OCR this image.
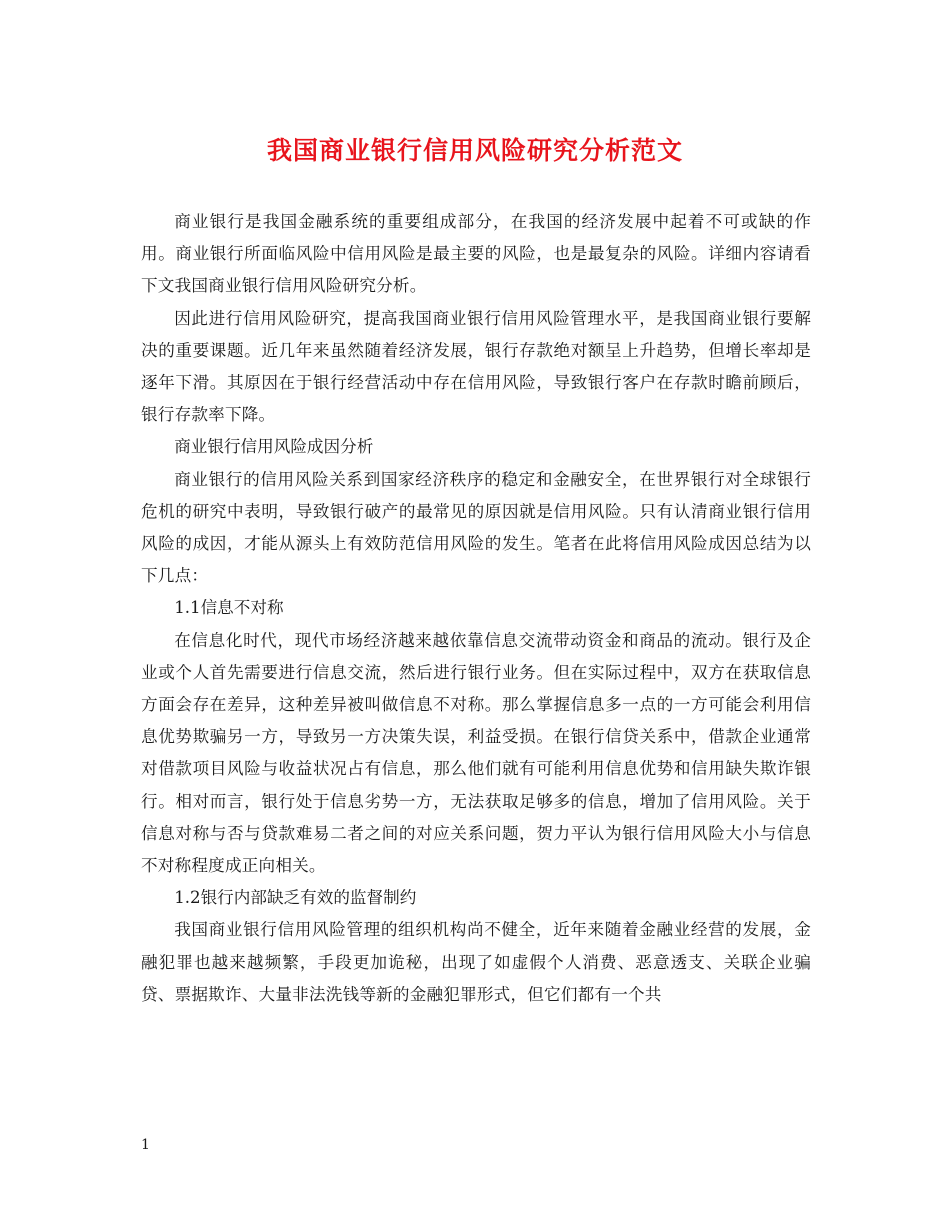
我国商业银行信用风险研究分析范文

商业银行是我国金融系统的重要组成部分，在我国的经济发展中起着不可或缺的作用。商业银行所面临风险中信用风险是最主要的风险，也是最复杂的风险。详细内容请看下文我国商业银行信用风险研究分析。

因此进行信用风险研究，提高我国商业银行信用风险管理水平，是我国商业银行要解决的重要课题。近几年来虽然随着经济发展，银行存款绝对额呈上升趋势，但增长率却是逐年下滑。其原因在于银行经营活动中存在信用风险，导致银行客户在存款时瞻前顾后，银行存款率下降。

商业银行信用风险成因分析

商业银行的信用风险关系到国家经济秩序的稳定和金融安全，在世界银行对全球银行危机的研究中表明，导致银行破产的最常见的原因就是信用风险。只有认清商业银行信用风险的成因，才能从源头上有效防范信用风险的发生。笔者在此将信用风险成因总结为以下几点：

1.1信息不对称

在信息化时代，现代市场经济越来越依靠信息交流带动资金和商品的流动。银行及企业或个人首先需要进行信息交流，然后进行银行业务。但在实际过程中，双方在获取信息方面会存在差异，这种差异被叫做信息不对称。那么掌握信息多一点的一方可能会利用信息优势欺骗另一方，导致另一方决策失误，利益受损。在银行信贷关系中，借款企业通常对借款项目风险与收益状况占有信息，那么他们就有可能利用信息优势和信用缺失欺诈银行。相对而言，银行处于信息劣势一方，无法获取足够多的信息，增加了信用风险。关于信息对称与否与贷款难易二者之间的对应关系问题，贺力平认为银行信用风险大小与信息不对称程度成正向相关。

1.2银行内部缺乏有效的监督制约

我国商业银行信用风险管理的组织机构尚不健全，近年来随着金融业经营的发展，金融犯罪也越来越频繁，手段更加诡秘，出现了如虚假个人消费、恶意透支、关联企业骗贷、票据欺诈、大量非法洗钱等新的金融犯罪形式，但它们都有一个共

1
